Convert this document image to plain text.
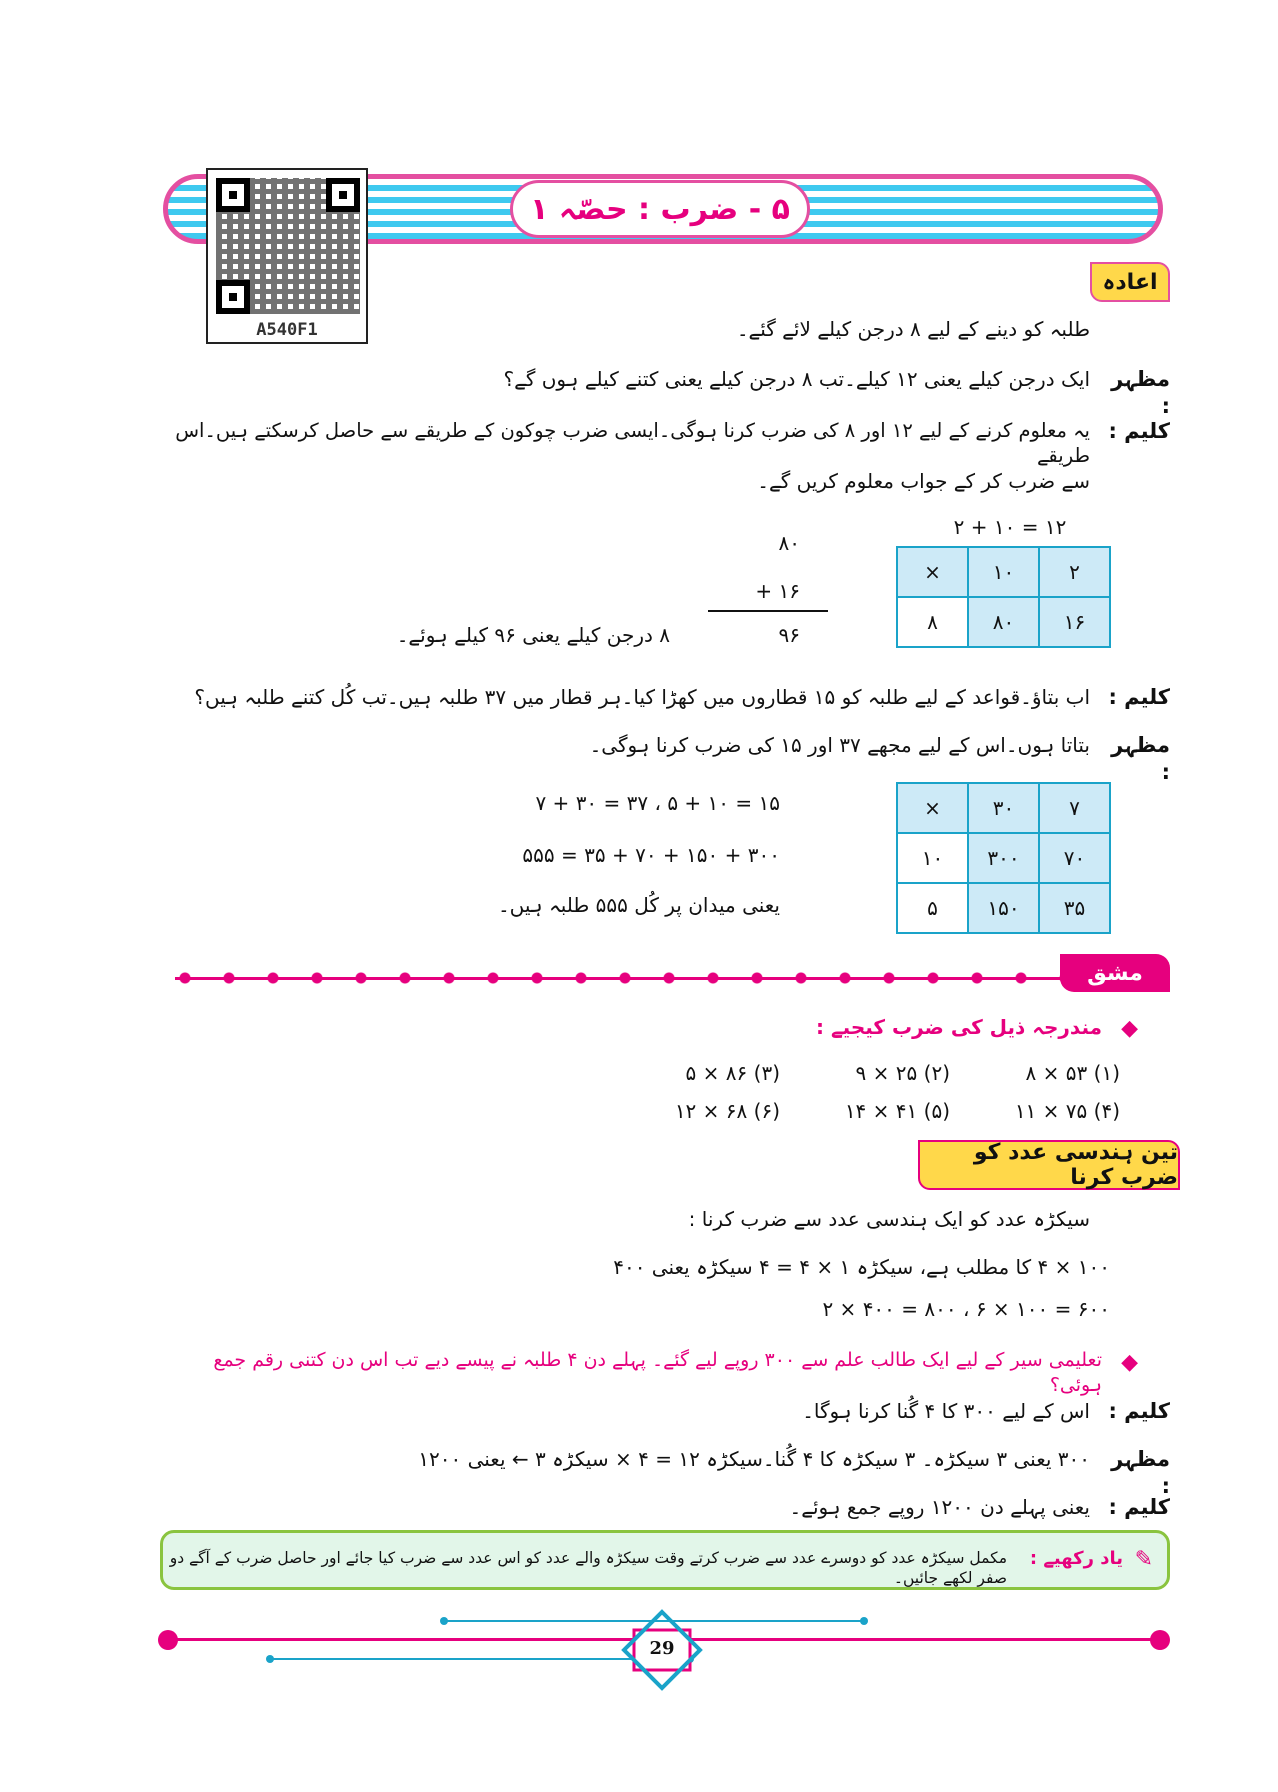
۵ - ضرب : حصّہ ۱
A540F1
اعادہ
طلبہ کو دینے کے لیے ۸ درجن کیلے لائے گئے۔
مظہر :
ایک درجن کیلے یعنی ۱۲ کیلے۔تب ۸ درجن کیلے یعنی کتنے کیلے ہوں گے؟
کلیم :
یہ معلوم کرنے کے لیے ۱۲ اور ۸ کی ضرب کرنا ہوگی۔ایسی ضرب چوکون کے طریقے سے حاصل کرسکتے ہیں۔اس طریقے
سے ضرب کر کے جواب معلوم کریں گے۔
۱۲ = ۱۰ + ۲
×	۱۰	۲
۸	۸۰	۱۶
۸۰
+ ۱۶
۹۶
۸ درجن کیلے یعنی ۹۶ کیلے ہوئے۔
کلیم :
اب بتاؤ۔قواعد کے لیے طلبہ کو ۱۵ قطاروں میں کھڑا کیا۔ہر قطار میں ۳۷ طلبہ ہیں۔تب کُل کتنے طلبہ ہیں؟
مظہر :
بتاتا ہوں۔اس کے لیے مجھے ۳۷ اور ۱۵ کی ضرب کرنا ہوگی۔
۱۵ = ۱۰ + ۵ ، ۳۷ = ۳۰ + ۷
۳۰۰ + ۱۵۰ + ۷۰ + ۳۵ = ۵۵۵
یعنی میدان پر کُل ۵۵۵ طلبہ ہیں۔
×	۳۰	۷
۱۰	۳۰۰	۷۰
۵	۱۵۰	۳۵
مشق
◆
مندرجہ ذیل کی ضرب کیجیے :
(۱) ۵۳ × ۸
(۲) ۲۵ × ۹
(۳) ۸۶ × ۵
(۴) ۷۵ × ۱۱
(۵) ۴۱ × ۱۴
(۶) ۶۸ × ۱۲
تین ہندسی عدد کو ضرب کرنا
سیکڑہ عدد کو ایک ہندسی عدد سے ضرب کرنا :
۱۰۰ × ۴ کا مطلب ہے، سیکڑہ ۱ × ۴ = ۴ سیکڑہ یعنی ۴۰۰
۶۰۰ = ۱۰۰ × ۶ ، ۸۰۰ = ۴۰۰ × ۲
◆
تعلیمی سیر کے لیے ایک طالب علم سے ۳۰۰ روپے لیے گئے۔ پہلے دن ۴ طلبہ نے پیسے دیے تب اس دن کتنی رقم جمع ہوئی؟
کلیم :
اس کے لیے ۳۰۰ کا ۴ گُنا کرنا ہوگا۔
مظہر :
۳۰۰ یعنی ۳ سیکڑہ۔ ۳ سیکڑہ کا ۴ گُنا۔سیکڑہ ۱۲ = ۴ × سیکڑہ ۳ ← یعنی ۱۲۰۰
کلیم :
یعنی پہلے دن ۱۲۰۰ روپے جمع ہوئے۔
✎
یاد رکھیے :
مکمل سیکڑہ عدد کو دوسرے عدد سے ضرب کرتے وقت سیکڑہ والے عدد کو اس عدد سے ضرب کیا جائے اور حاصل ضرب کے آگے دو صفر لکھے جائیں۔
29
